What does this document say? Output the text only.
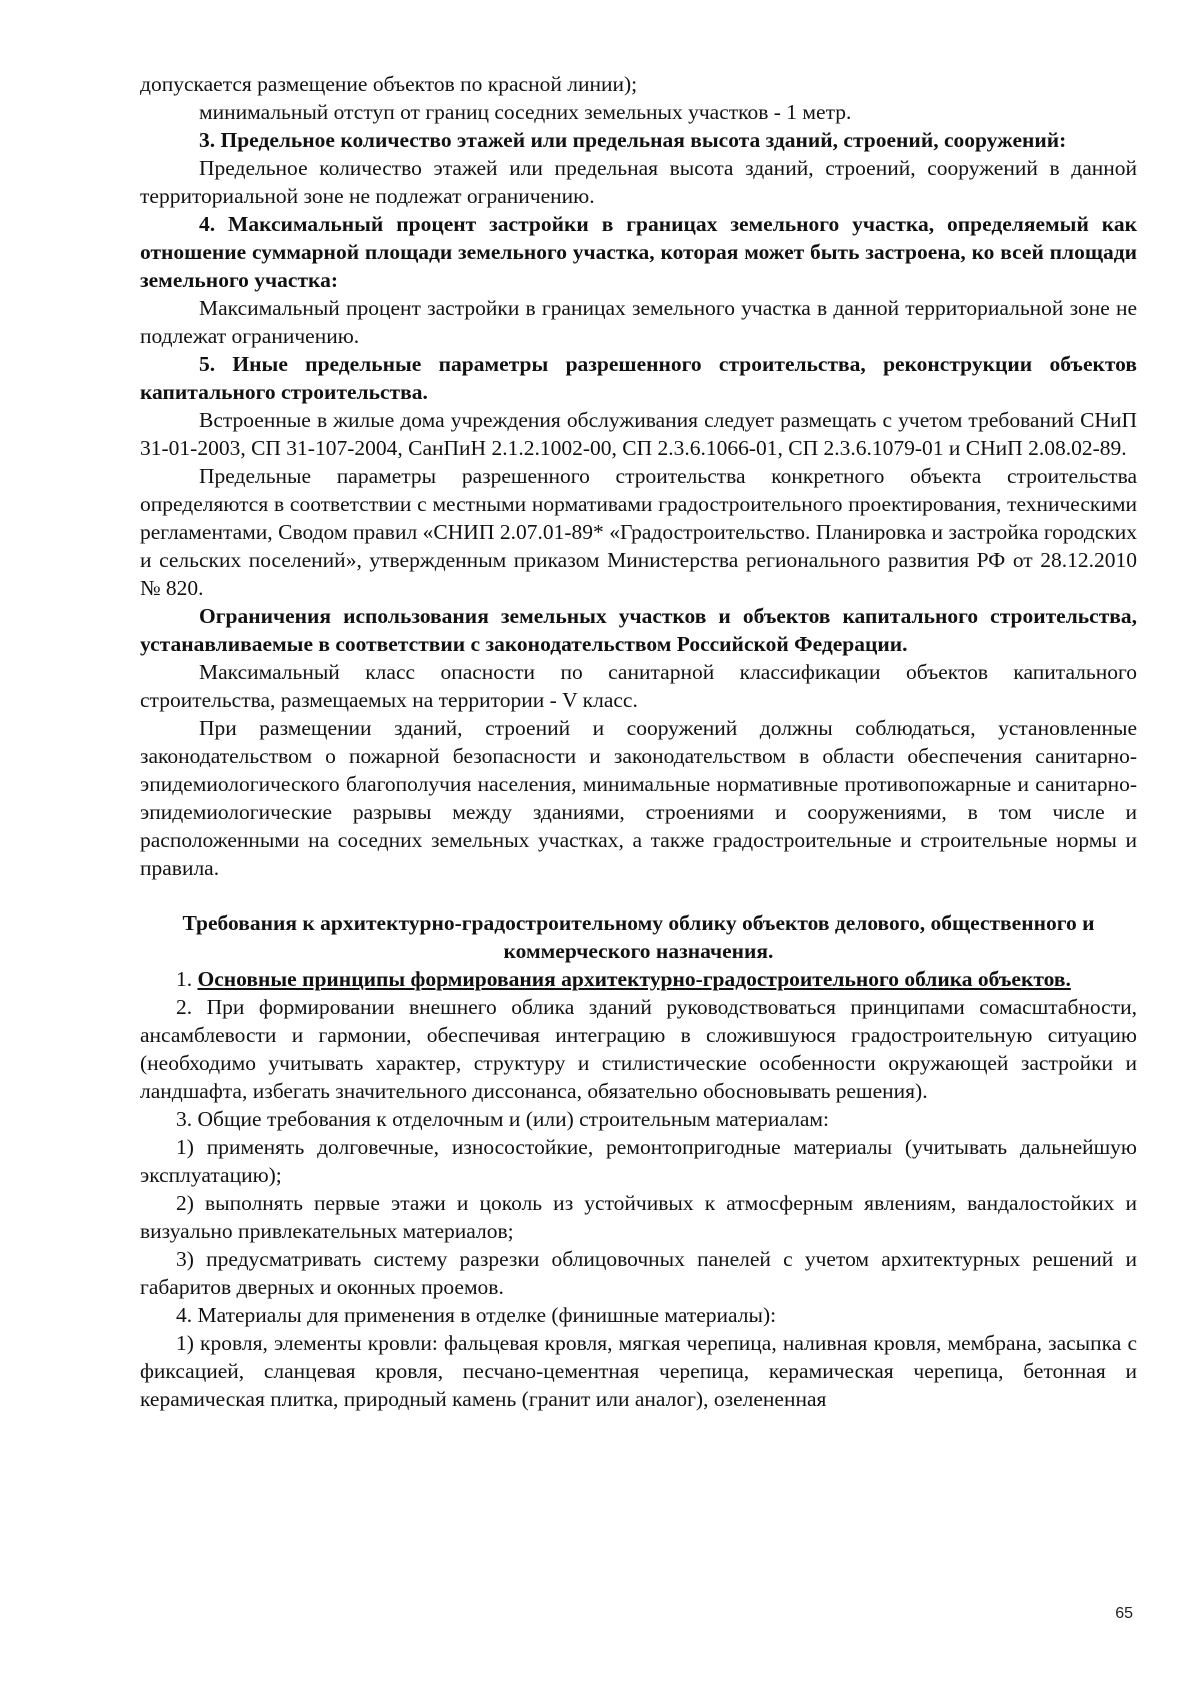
допускается размещение объектов по красной линии);

минимальный отступ от границ соседних земельных участков - 1 метр.

3. Предельное количество этажей или предельная высота зданий, строений, сооружений:

Предельное количество этажей или предельная высота зданий, строений, сооружений в данной территориальной зоне не подлежат ограничению.

4. Максимальный процент застройки в границах земельного участка, определяемый как отношение суммарной площади земельного участка, которая может быть застроена, ко всей площади земельного участка:

Максимальный процент застройки в границах земельного участка в данной территориальной зоне не подлежат ограничению.

5. Иные предельные параметры разрешенного строительства, реконструкции объектов капитального строительства.

Встроенные в жилые дома учреждения обслуживания следует размещать с учетом требований СНиП 31-01-2003, СП 31-107-2004, СанПиН 2.1.2.1002-00, СП 2.3.6.1066-01, СП 2.3.6.1079-01 и СНиП 2.08.02-89.

Предельные параметры разрешенного строительства конкретного объекта строительства определяются в соответствии с местными нормативами градостроительного проектирования, техническими регламентами, Сводом правил «СНИП 2.07.01-89* «Градостроительство. Планировка и застройка городских и сельских поселений», утвержденным приказом Министерства регионального развития РФ от 28.12.2010 № 820.

Ограничения использования земельных участков и объектов капитального строительства, устанавливаемые в соответствии с законодательством Российской Федерации.

Максимальный класс опасности по санитарной классификации объектов капитального строительства, размещаемых на территории - V класс.

При размещении зданий, строений и сооружений должны соблюдаться, установленные законодательством о пожарной безопасности и законодательством в области обеспечения санитарно-эпидемиологического благополучия населения, минимальные нормативные противопожарные и санитарно-эпидемиологические разрывы между зданиями, строениями и сооружениями, в том числе и расположенными на соседних земельных участках, а также градостроительные и строительные нормы и правила.

Требования к архитектурно-градостроительному облику объектов делового, общественного и коммерческого назначения.

1. Основные принципы формирования архитектурно-градостроительного облика объектов.

2. При формировании внешнего облика зданий руководствоваться принципами сомасштабности, ансамблевости и гармонии, обеспечивая интеграцию в сложившуюся градостроительную ситуацию (необходимо учитывать характер, структуру и стилистические особенности окружающей застройки и ландшафта, избегать значительного диссонанса, обязательно обосновывать решения).

3. Общие требования к отделочным и (или) строительным материалам:

1) применять долговечные, износостойкие, ремонтопригодные материалы (учитывать дальнейшую эксплуатацию);

2) выполнять первые этажи и цоколь из устойчивых к атмосферным явлениям, вандалостойких и визуально привлекательных материалов;

3) предусматривать систему разрезки облицовочных панелей с учетом архитектурных решений и габаритов дверных и оконных проемов.

4. Материалы для применения в отделке (финишные материалы):

1) кровля, элементы кровли: фальцевая кровля, мягкая черепица, наливная кровля, мембрана, засыпка с фиксацией, сланцевая кровля, песчано-цементная черепица, керамическая черепица, бетонная и керамическая плитка, природный камень (гранит или аналог), озелененная

65
